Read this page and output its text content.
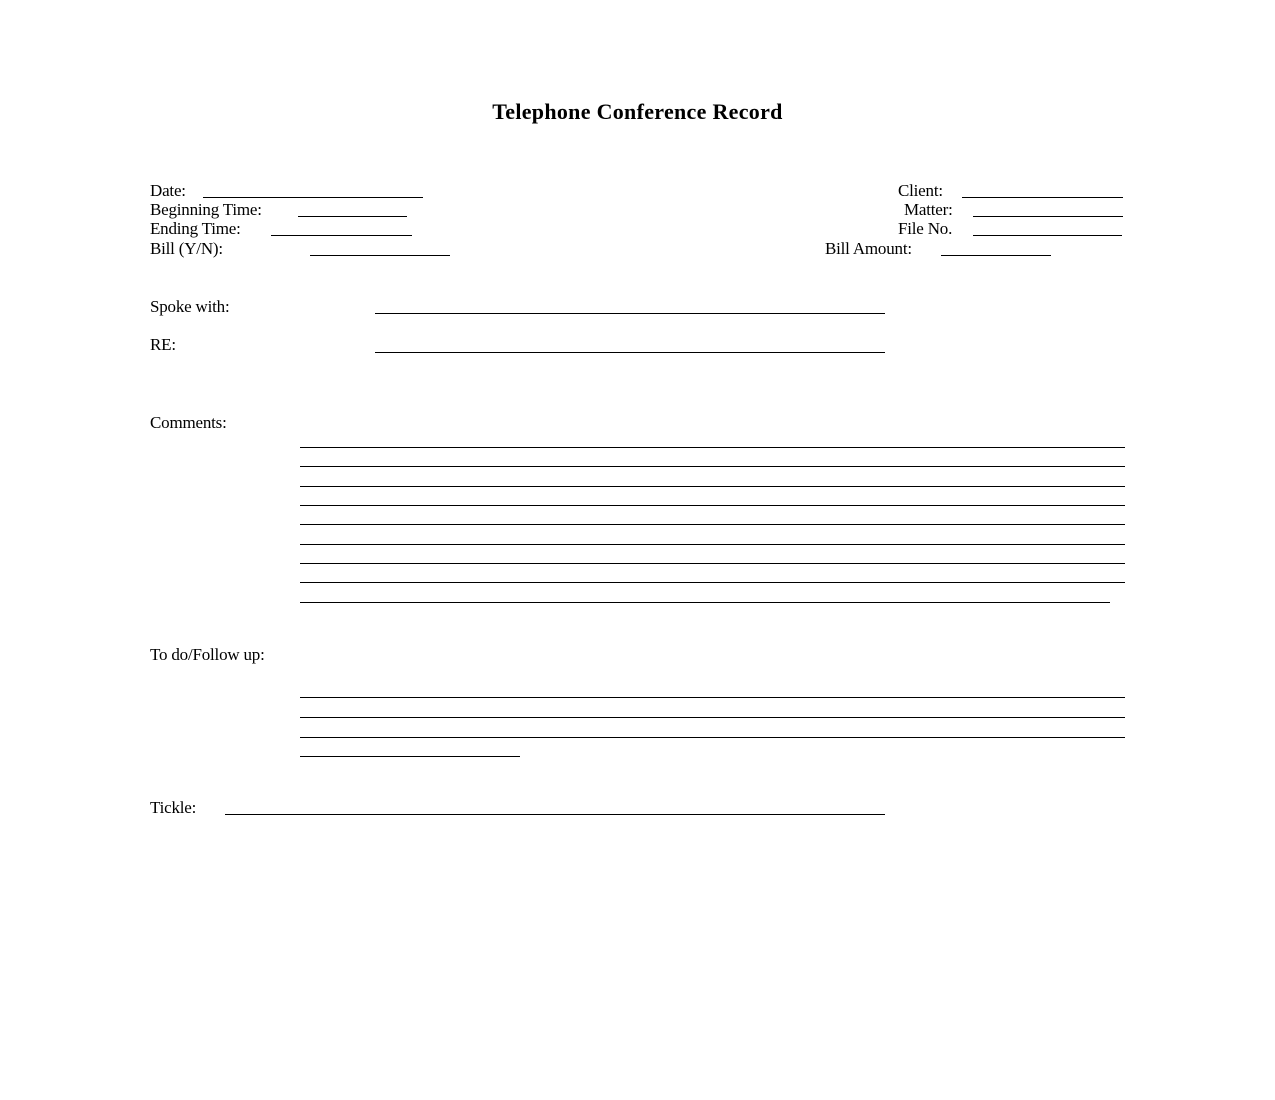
Telephone Conference Record
Date:
Beginning Time:
Ending Time:
Bill (Y/N):
Client:
Matter:
File No.
Bill Amount:
Spoke with:
RE:
Comments:
To do/Follow up:
Tickle:
